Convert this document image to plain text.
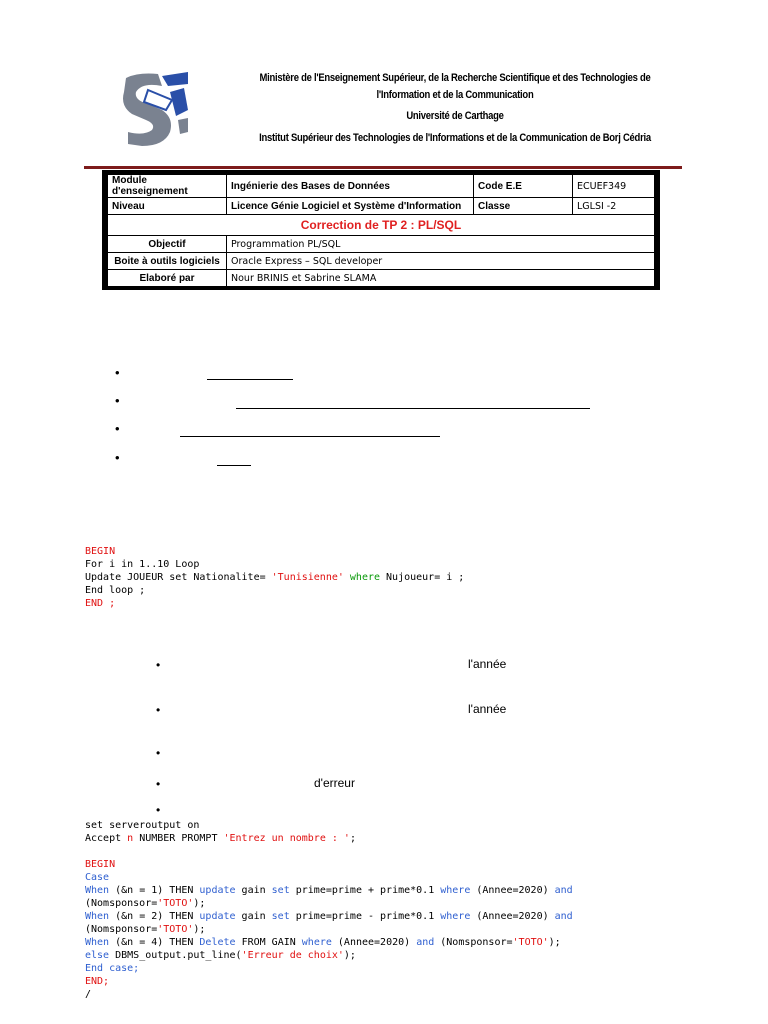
Ministère de l'Enseignement Supérieur, de la Recherche Scientifique et des Technologies de
l'Information et de la Communication
Université de Carthage
Institut Supérieur des Technologies de l'Informations et de la Communication de Borj Cédria
Module d'enseignement	Ingénierie des Bases de Données	Code E.E	ECUEF349
Niveau	Licence Génie Logiciel et Système d'Information	Classe	LGLSI -2
Correction de TP 2 : PL/SQL			
Objectif	Programmation PL/SQL		
Boite à outils logiciels	Oracle Express – SQL developer		
Elaboré par	Nour BRINIS et Sabrine SLAMA		
•
•
•
•
BEGIN
For i in 1..10 Loop
Update JOUEUR set Nationalite= 'Tunisienne' where Nujoueur= i ;
End loop ;
END ;
•	l'année
•	l'année
•
•	d'erreur
•
set serveroutput on
Accept n NUMBER PROMPT 'Entrez un nombre : ';

BEGIN
Case
When (&n = 1) THEN update gain set prime=prime + prime*0.1 where (Annee=2020) and
(Nomsponsor='TOTO');
When (&n = 2) THEN update gain set prime=prime - prime*0.1 where (Annee=2020) and
(Nomsponsor='TOTO');
When (&n = 4) THEN Delete FROM GAIN where (Annee=2020) and (Nomsponsor='TOTO');
else DBMS_output.put_line('Erreur de choix');
End case;
END;
/
